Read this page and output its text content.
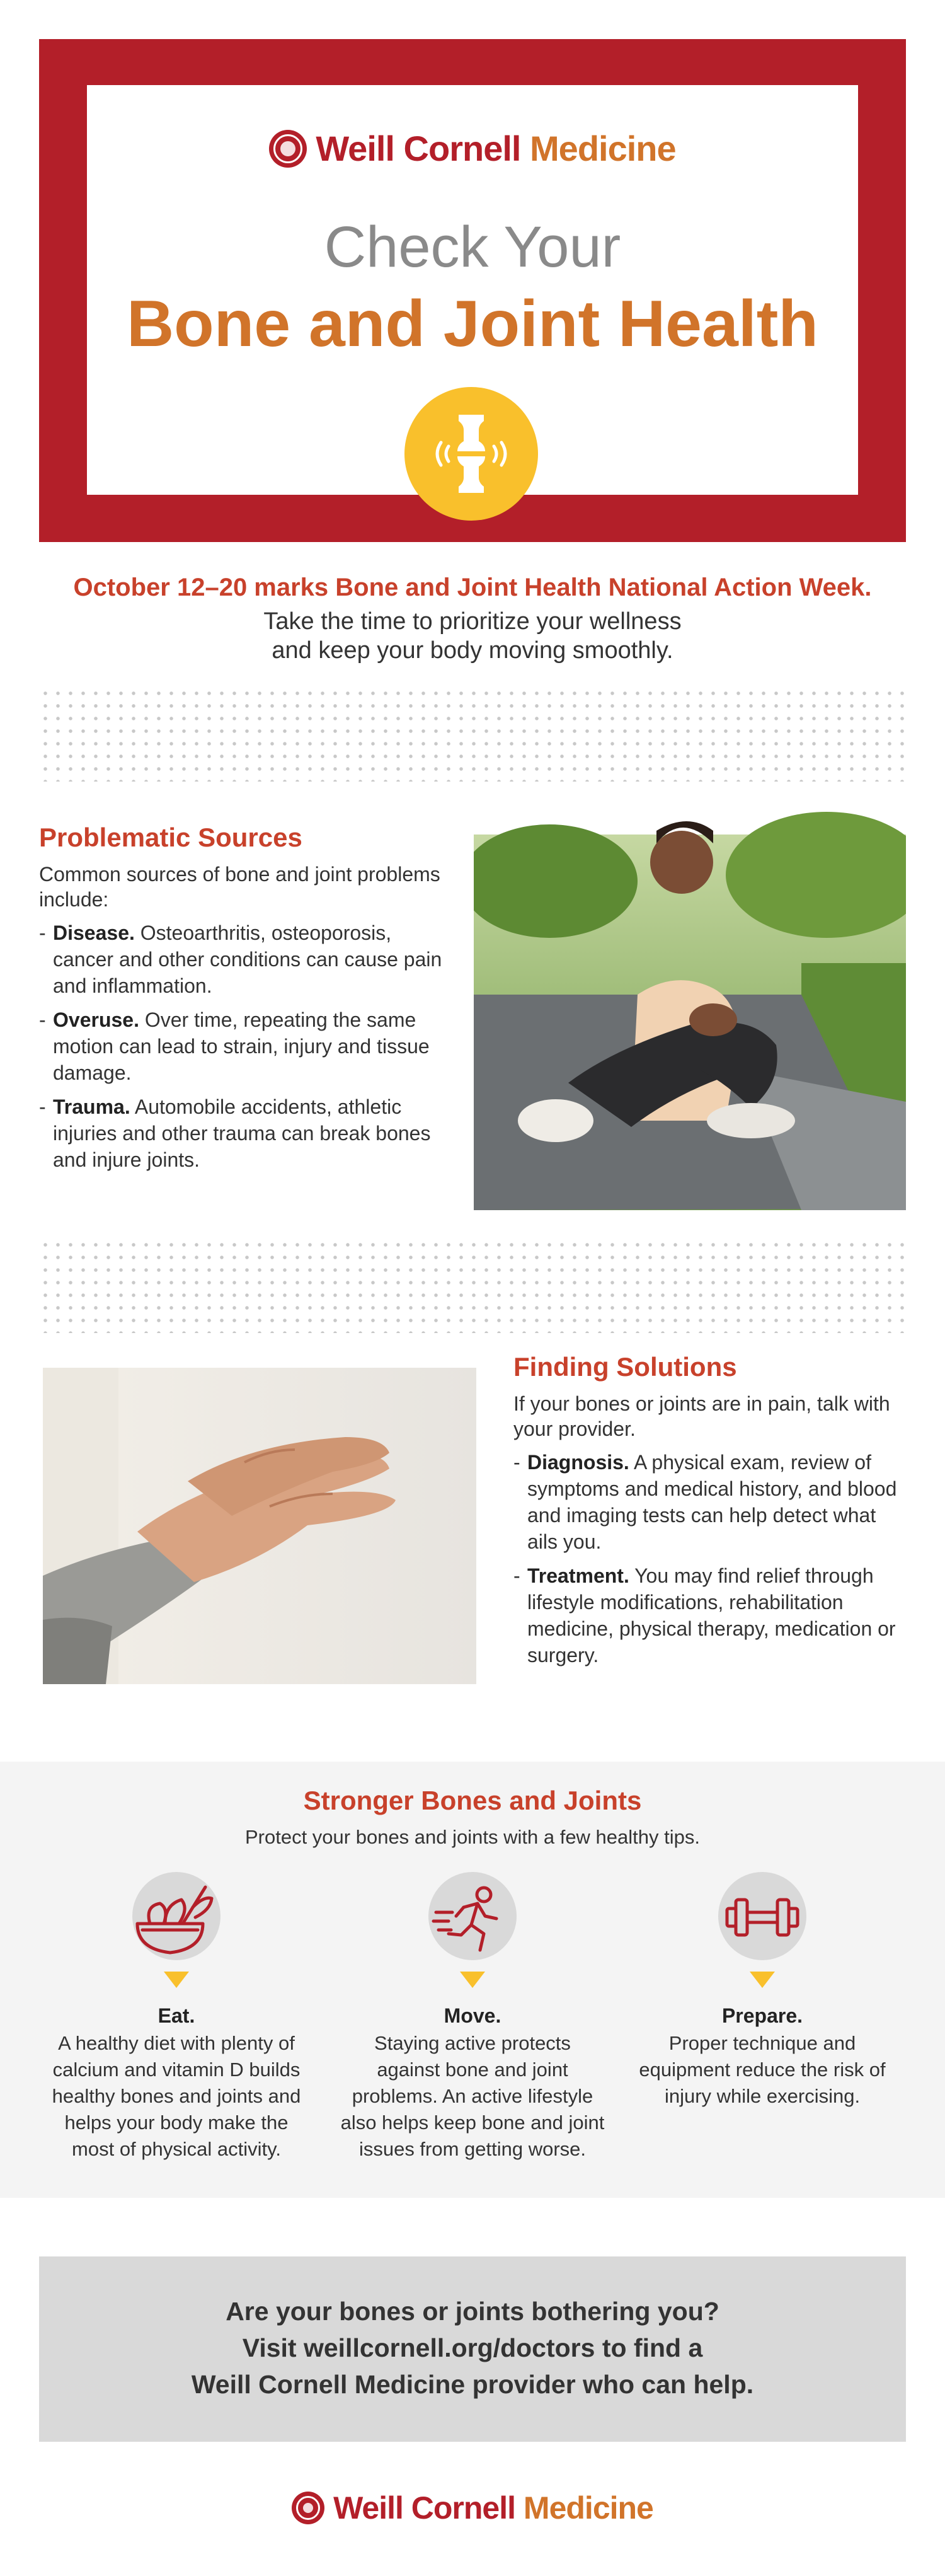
Weill Cornell Medicine
Check Your
Bone and Joint Health
October 12–20 marks Bone and Joint Health National Action Week.
Take the time to prioritize your wellness
and keep your body moving smoothly.
Problematic Sources
Common sources of bone and joint problems include:
- Disease. Osteoarthritis, osteoporosis, cancer and other conditions can cause pain and inflammation.
- Overuse. Over time, repeating the same motion can lead to strain, injury and tissue damage.
- Trauma. Automobile accidents, athletic injuries and other trauma can break bones and injure joints.
Finding Solutions
If your bones or joints are in pain, talk with your provider.
- Diagnosis. A physical exam, review of symptoms and medical history, and blood and imaging tests can help detect what ails you.
- Treatment. You may find relief through lifestyle modifications, rehabilitation medicine, physical therapy, medication or surgery.
Stronger Bones and Joints
Protect your bones and joints with a few healthy tips.
Eat.
A healthy diet with plenty of calcium and vitamin D builds healthy bones and joints and helps your body make the most of physical activity.
Move.
Staying active protects against bone and joint problems. An active lifestyle also helps keep bone and joint issues from getting worse.
Prepare.
Proper technique and equipment reduce the risk of injury while exercising.

Are your bones or joints bothering you?

Visit weillcornell.org/doctors to find a

Weill Cornell Medicine provider who can help.

Weill Cornell Medicine
